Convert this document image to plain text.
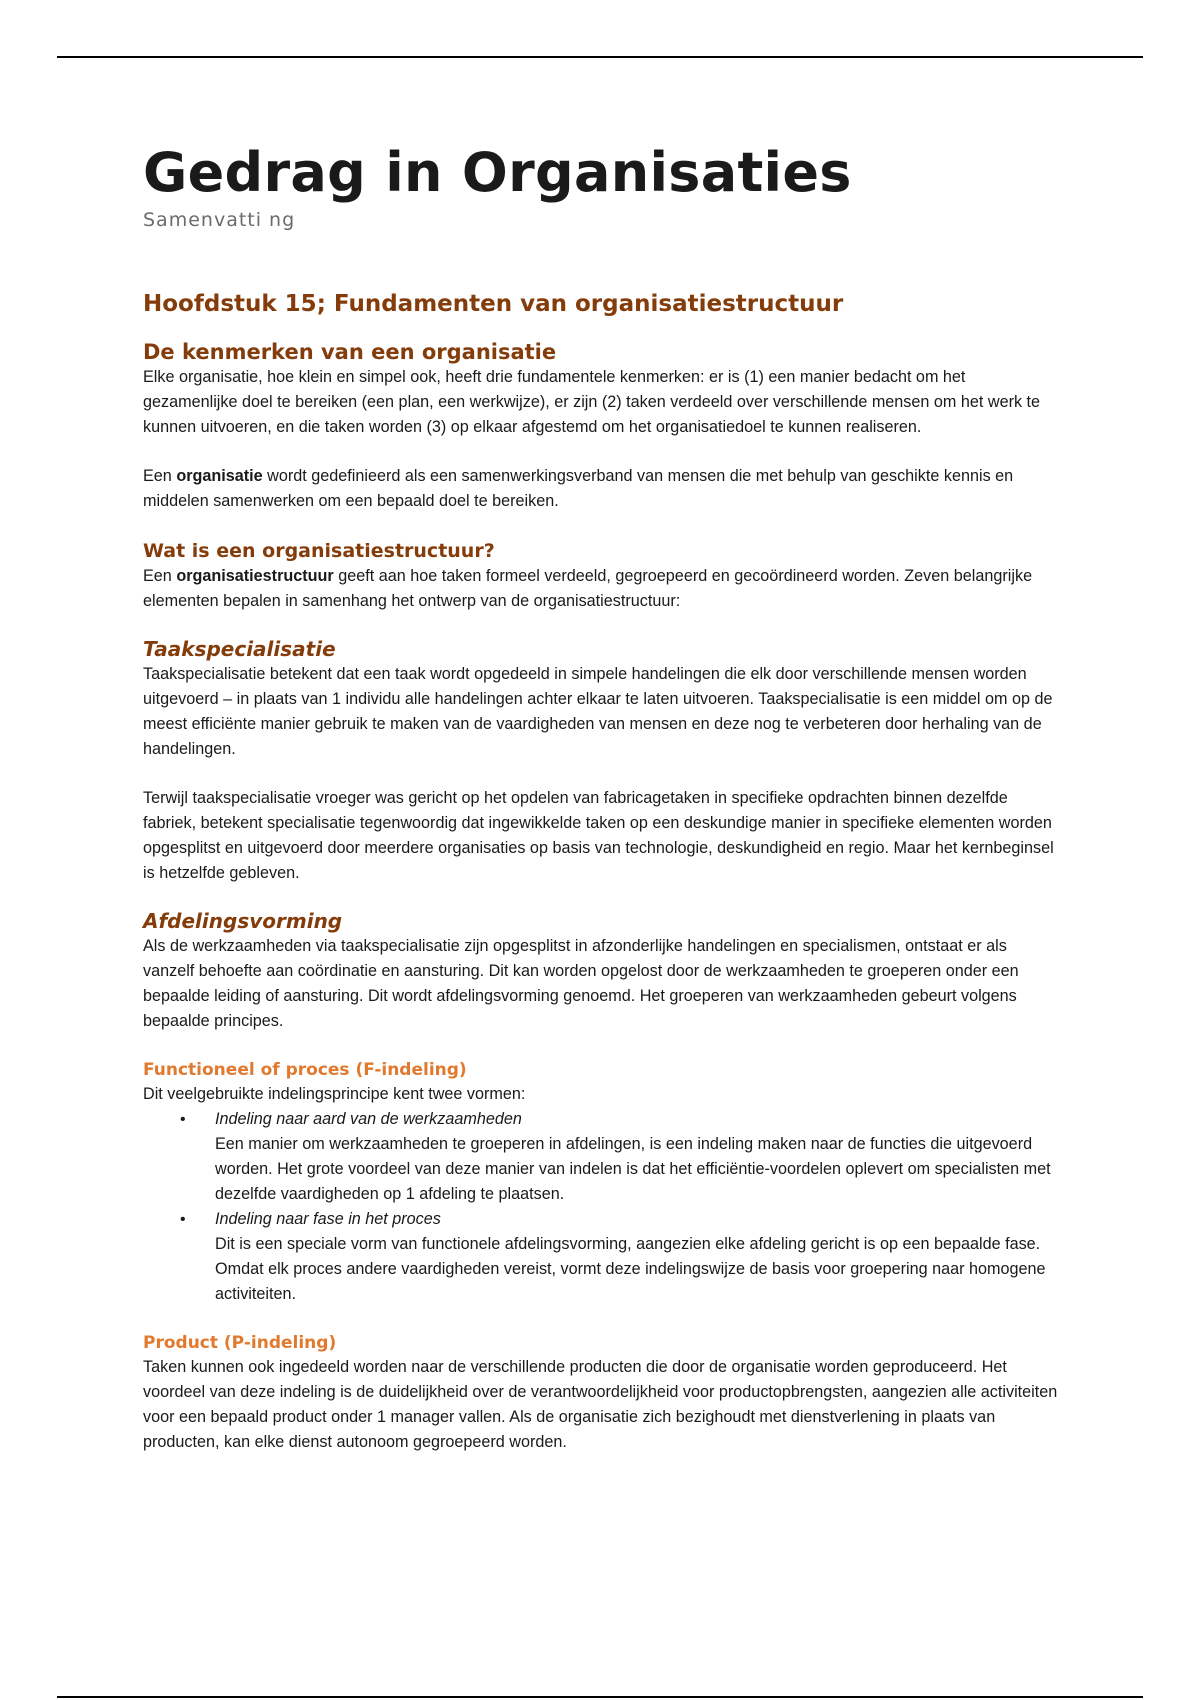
Gedrag in Organisaties
Samenvatti ng
Hoofdstuk 15; Fundamenten van organisatiestructuur
De kenmerken van een organisatie

Elke organisatie, hoe klein en simpel ook, heeft drie fundamentele kenmerken: er is (1) een manier bedacht om het gezamenlijke doel te bereiken (een plan, een werkwijze), er zijn (2) taken verdeeld over verschillende mensen om het werk te kunnen uitvoeren, en die taken worden (3) op elkaar afgestemd om het organisatiedoel te kunnen realiseren.

Een organisatie wordt gedefinieerd als een samenwerkingsverband van mensen die met behulp van geschikte kennis en middelen samenwerken om een bepaald doel te bereiken.

Wat is een organisatiestructuur?

Een organisatiestructuur geeft aan hoe taken formeel verdeeld, gegroepeerd en gecoördineerd worden. Zeven belangrijke elementen bepalen in samenhang het ontwerp van de organisatiestructuur:

Taakspecialisatie

Taakspecialisatie betekent dat een taak wordt opgedeeld in simpele handelingen die elk door verschillende mensen worden uitgevoerd – in plaats van 1 individu alle handelingen achter elkaar te laten uitvoeren. Taakspecialisatie is een middel om op de meest efficiënte manier gebruik te maken van de vaardigheden van mensen en deze nog te verbeteren door herhaling van de handelingen.

Terwijl taakspecialisatie vroeger was gericht op het opdelen van fabricagetaken in specifieke opdrachten binnen dezelfde fabriek, betekent specialisatie tegenwoordig dat ingewikkelde taken op een deskundige manier in specifieke elementen worden opgesplitst en uitgevoerd door meerdere organisaties op basis van technologie, deskundigheid en regio. Maar het kernbeginsel is hetzelfde gebleven.

Afdelingsvorming

Als de werkzaamheden via taakspecialisatie zijn opgesplitst in afzonderlijke handelingen en specialismen, ontstaat er als vanzelf behoefte aan coördinatie en aansturing. Dit kan worden opgelost door de werkzaamheden te groeperen onder een bepaalde leiding of aansturing. Dit wordt afdelingsvorming genoemd. Het groeperen van werkzaamheden gebeurt volgens bepaalde principes.

Functioneel of proces (F-indeling)

Dit veelgebruikte indelingsprincipe kent twee vormen:

• Indeling naar aard van de werkzaamheden

Een manier om werkzaamheden te groeperen in afdelingen, is een indeling maken naar de functies die uitgevoerd worden. Het grote voordeel van deze manier van indelen is dat het efficiëntie-voordelen oplevert om specialisten met dezelfde vaardigheden op 1 afdeling te plaatsen.

• Indeling naar fase in het proces

Dit is een speciale vorm van functionele afdelingsvorming, aangezien elke afdeling gericht is op een bepaalde fase. Omdat elk proces andere vaardigheden vereist, vormt deze indelingswijze de basis voor groepering naar homogene activiteiten.

Product (P-indeling)

Taken kunnen ook ingedeeld worden naar de verschillende producten die door de organisatie worden geproduceerd. Het voordeel van deze indeling is de duidelijkheid over de verantwoordelijkheid voor productopbrengsten, aangezien alle activiteiten voor een bepaald product onder 1 manager vallen. Als de organisatie zich bezighoudt met dienstverlening in plaats van producten, kan elke dienst autonoom gegroepeerd worden.
